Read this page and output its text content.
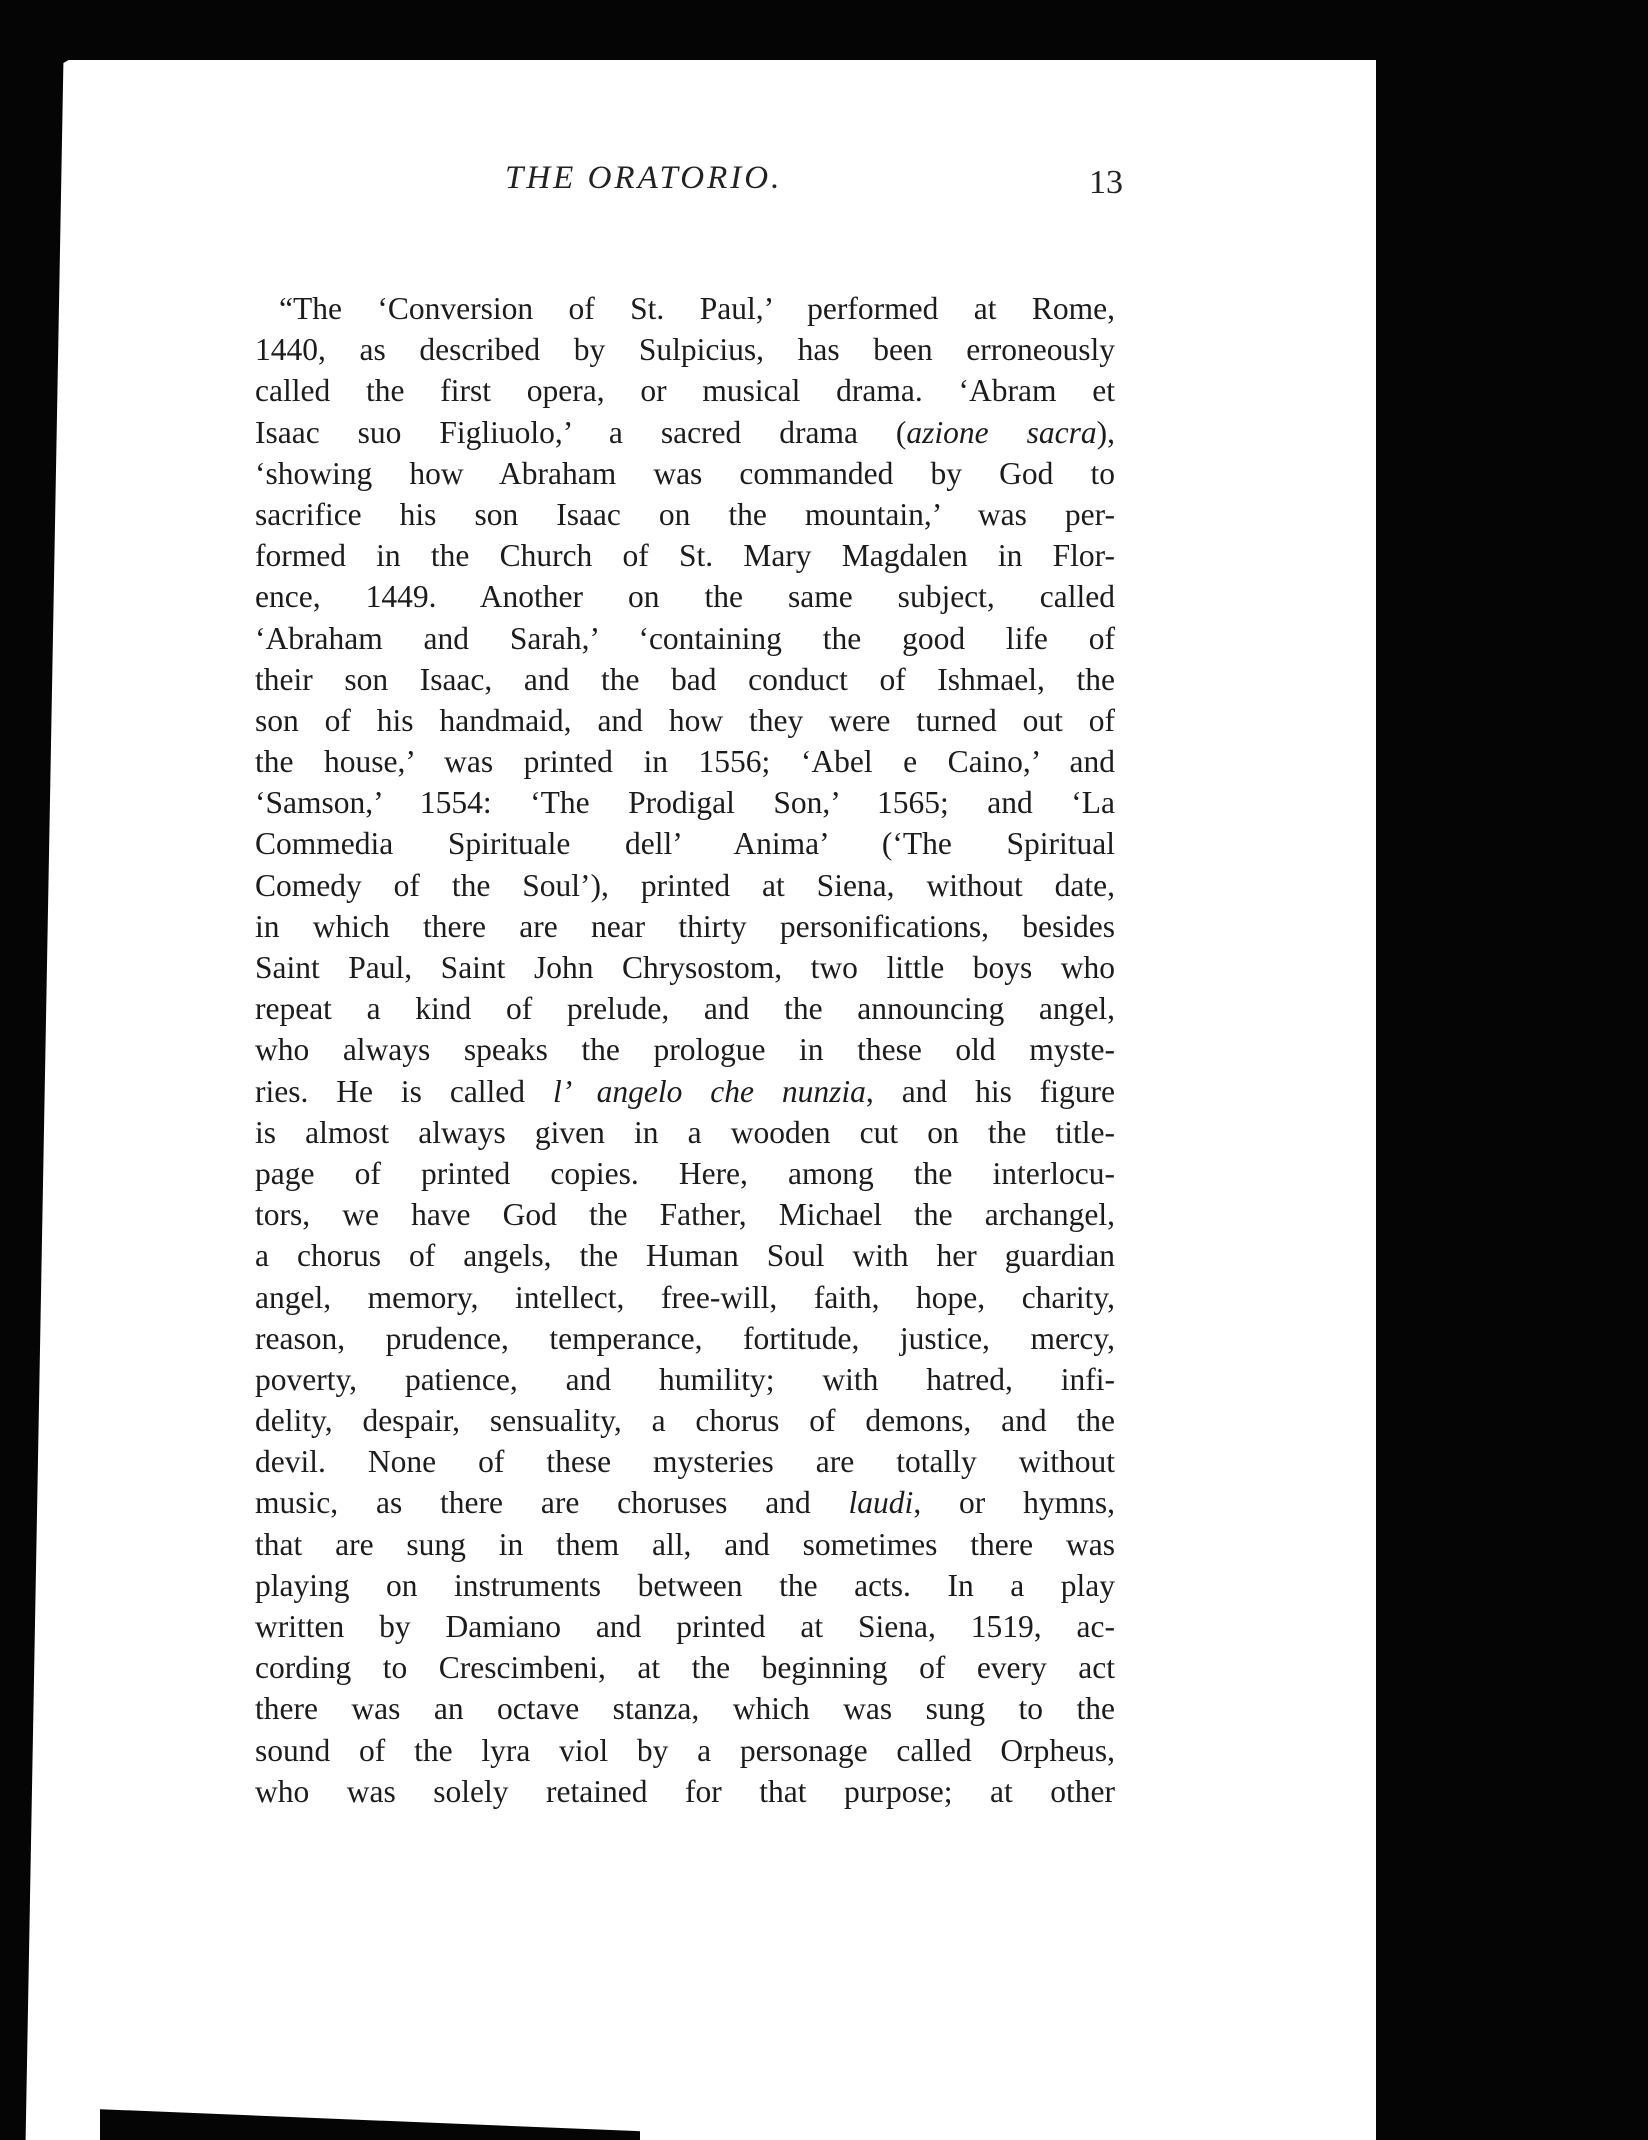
THE ORATORIO.	13
“The ‘Conversion of St. Paul,’ performed at Rome,
1440, as described by Sulpicius, has been erroneously
called the first opera, or musical drama. ‘Abram et
Isaac suo Figliuolo,’ a sacred drama (azione sacra),
‘showing how Abraham was commanded by God to
sacrifice his son Isaac on the mountain,’ was per-
formed in the Church of St. Mary Magdalen in Flor-
ence, 1449. Another on the same subject, called
‘Abraham and Sarah,’ ‘containing the good life of
their son Isaac, and the bad conduct of Ishmael, the
son of his handmaid, and how they were turned out of
the house,’ was printed in 1556; ‘Abel e Caino,’ and
‘Samson,’ 1554: ‘The Prodigal Son,’ 1565; and ‘La
Commedia Spirituale dell’ Anima’ (‘The Spiritual
Comedy of the Soul’), printed at Siena, without date,
in which there are near thirty personifications, besides
Saint Paul, Saint John Chrysostom, two little boys who
repeat a kind of prelude, and the announcing angel,
who always speaks the prologue in these old myste-
ries. He is called l’ angelo che nunzia, and his figure
is almost always given in a wooden cut on the title-
page of printed copies. Here, among the interlocu-
tors, we have God the Father, Michael the archangel,
a chorus of angels, the Human Soul with her guardian
angel, memory, intellect, free-will, faith, hope, charity,
reason, prudence, temperance, fortitude, justice, mercy,
poverty, patience, and humility; with hatred, infi-
delity, despair, sensuality, a chorus of demons, and the
devil. None of these mysteries are totally without
music, as there are choruses and laudi, or hymns,
that are sung in them all, and sometimes there was
playing on instruments between the acts. In a play
written by Damiano and printed at Siena, 1519, ac-
cording to Crescimbeni, at the beginning of every act
there was an octave stanza, which was sung to the
sound of the lyra viol by a personage called Orpheus,
who was solely retained for that purpose; at other
